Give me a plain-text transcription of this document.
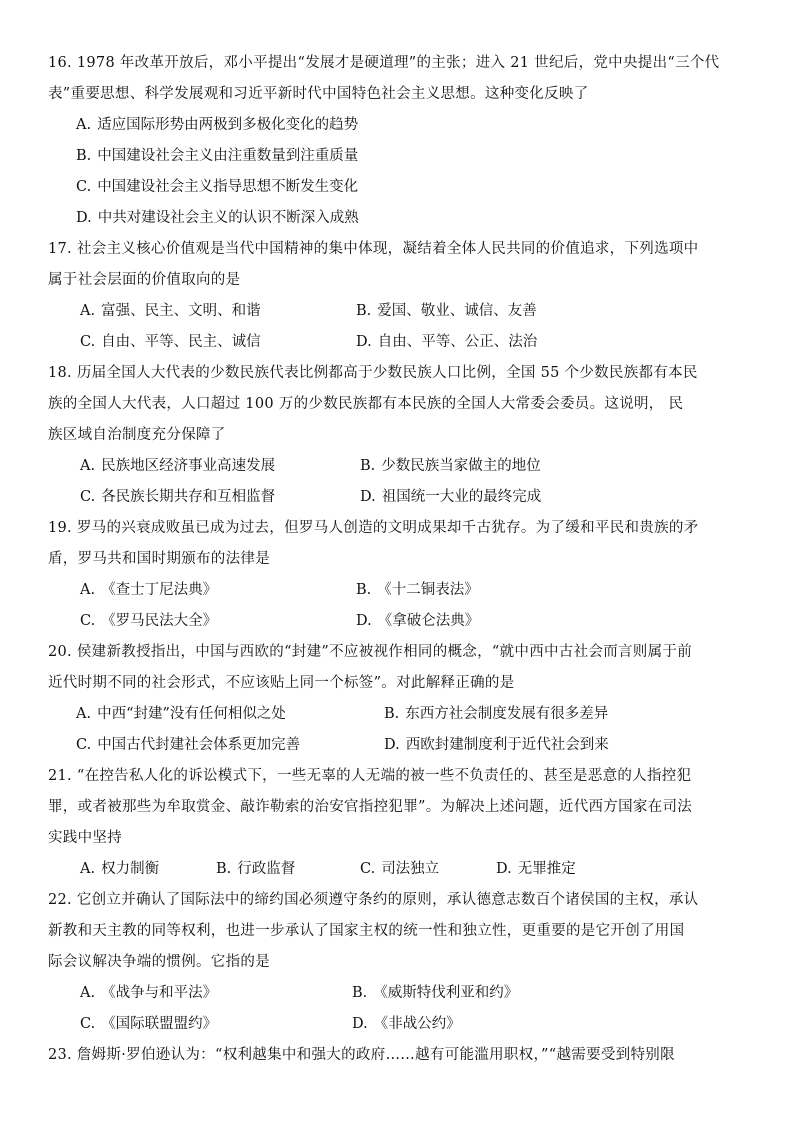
16. 1978 年改革开放后，邓小平提出“发展才是硬道理”的主张；进入 21 世纪后，党中央提出“三个代
表”重要思想、科学发展观和习近平新时代中国特色社会主义思想。这种变化反映了
A. 适应国际形势由两极到多极化变化的趋势
B. 中国建设社会主义由注重数量到注重质量
C. 中国建设社会主义指导思想不断发生变化
D. 中共对建设社会主义的认识不断深入成熟
17. 社会主义核心价值观是当代中国精神的集中体现，凝结着全体人民共同的价值追求，下列选项中
属于社会层面的价值取向的是
A. 富强、民主、文明、和谐	B. 爱国、敬业、诚信、友善
C. 自由、平等、民主、诚信	D. 自由、平等、公正、法治
18. 历届全国人大代表的少数民族代表比例都高于少数民族人口比例，全国 55 个少数民族都有本民
族的全国人大代表，人口超过 100 万的少数民族都有本民族的全国人大常委会委员。这说明， 民
族区域自治制度充分保障了
A. 民族地区经济事业高速发展	B. 少数民族当家做主的地位
C. 各民族长期共存和互相监督	D. 祖国统一大业的最终完成
19. 罗马的兴衰成败虽已成为过去，但罗马人创造的文明成果却千古犹存。为了缓和平民和贵族的矛
盾，罗马共和国时期颁布的法律是
A. 《查士丁尼法典》	B. 《十二铜表法》
C. 《罗马民法大全》	D. 《拿破仑法典》
20. 侯建新教授指出，中国与西欧的“封建”不应被视作相同的概念，“就中西中古社会而言则属于前
近代时期不同的社会形式，不应该贴上同一个标签”。对此解释正确的是
A. 中西“封建”没有任何相似之处	B. 东西方社会制度发展有很多差异
C. 中国古代封建社会体系更加完善	D. 西欧封建制度利于近代社会到来
21. “在控告私人化的诉讼模式下，一些无辜的人无端的被一些不负责任的、甚至是恶意的人指控犯
罪，或者被那些为牟取赏金、敲诈勒索的治安官指控犯罪”。为解决上述问题，近代西方国家在司法
实践中坚持
A. 权力制衡	B. 行政监督	C. 司法独立	D. 无罪推定
22. 它创立并确认了国际法中的缔约国必须遵守条约的原则，承认德意志数百个诸侯国的主权，承认
新教和天主教的同等权利，也进一步承认了国家主权的统一性和独立性，更重要的是它开创了用国
际会议解决争端的惯例。它指的是
A. 《战争与和平法》	B. 《威斯特伐利亚和约》
C. 《国际联盟盟约》	D. 《非战公约》
23. 詹姆斯·罗伯逊认为：“权利越集中和强大的政府……越有可能滥用职权，”“越需要受到特别限
